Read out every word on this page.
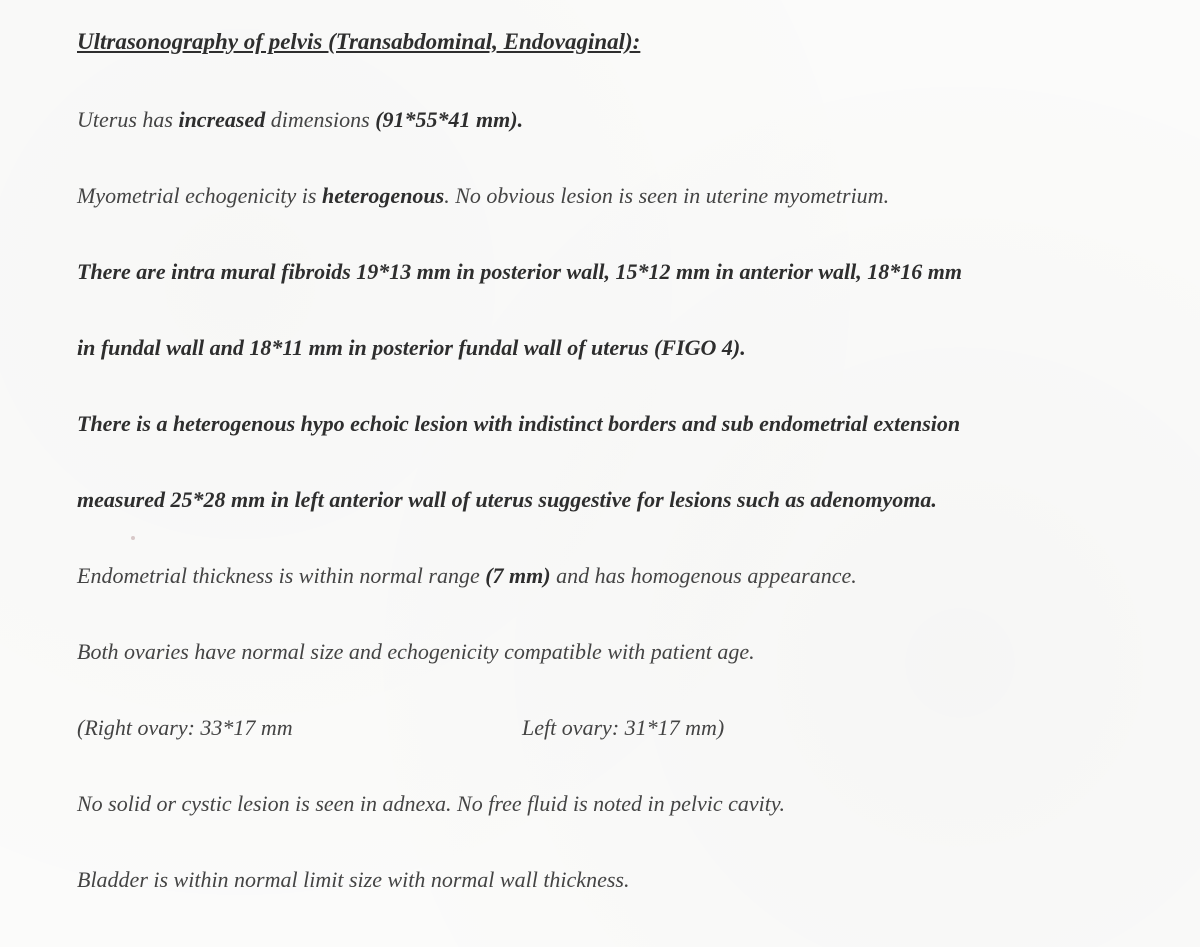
Ultrasonography of pelvis (Transabdominal, Endovaginal):

Uterus has increased dimensions (91*55*41 mm).

Myometrial echogenicity is heterogenous. No obvious lesion is seen in uterine myometrium.

There are intra mural fibroids 19*13 mm in posterior wall, 15*12 mm in anterior wall, 18*16 mm

in fundal wall and 18*11 mm in posterior fundal wall of uterus (FIGO 4).

There is a heterogenous hypo echoic lesion with indistinct borders and sub endometrial extension

measured 25*28 mm in left anterior wall of uterus suggestive for lesions such as adenomyoma.

Endometrial thickness is within normal range (7 mm) and has homogenous appearance.

Both ovaries have normal size and echogenicity compatible with patient age.

(Right ovary: 33*17 mm	Left ovary: 31*17 mm)

No solid or cystic lesion is seen in adnexa. No free fluid is noted in pelvic cavity.

Bladder is within normal limit size with normal wall thickness.
